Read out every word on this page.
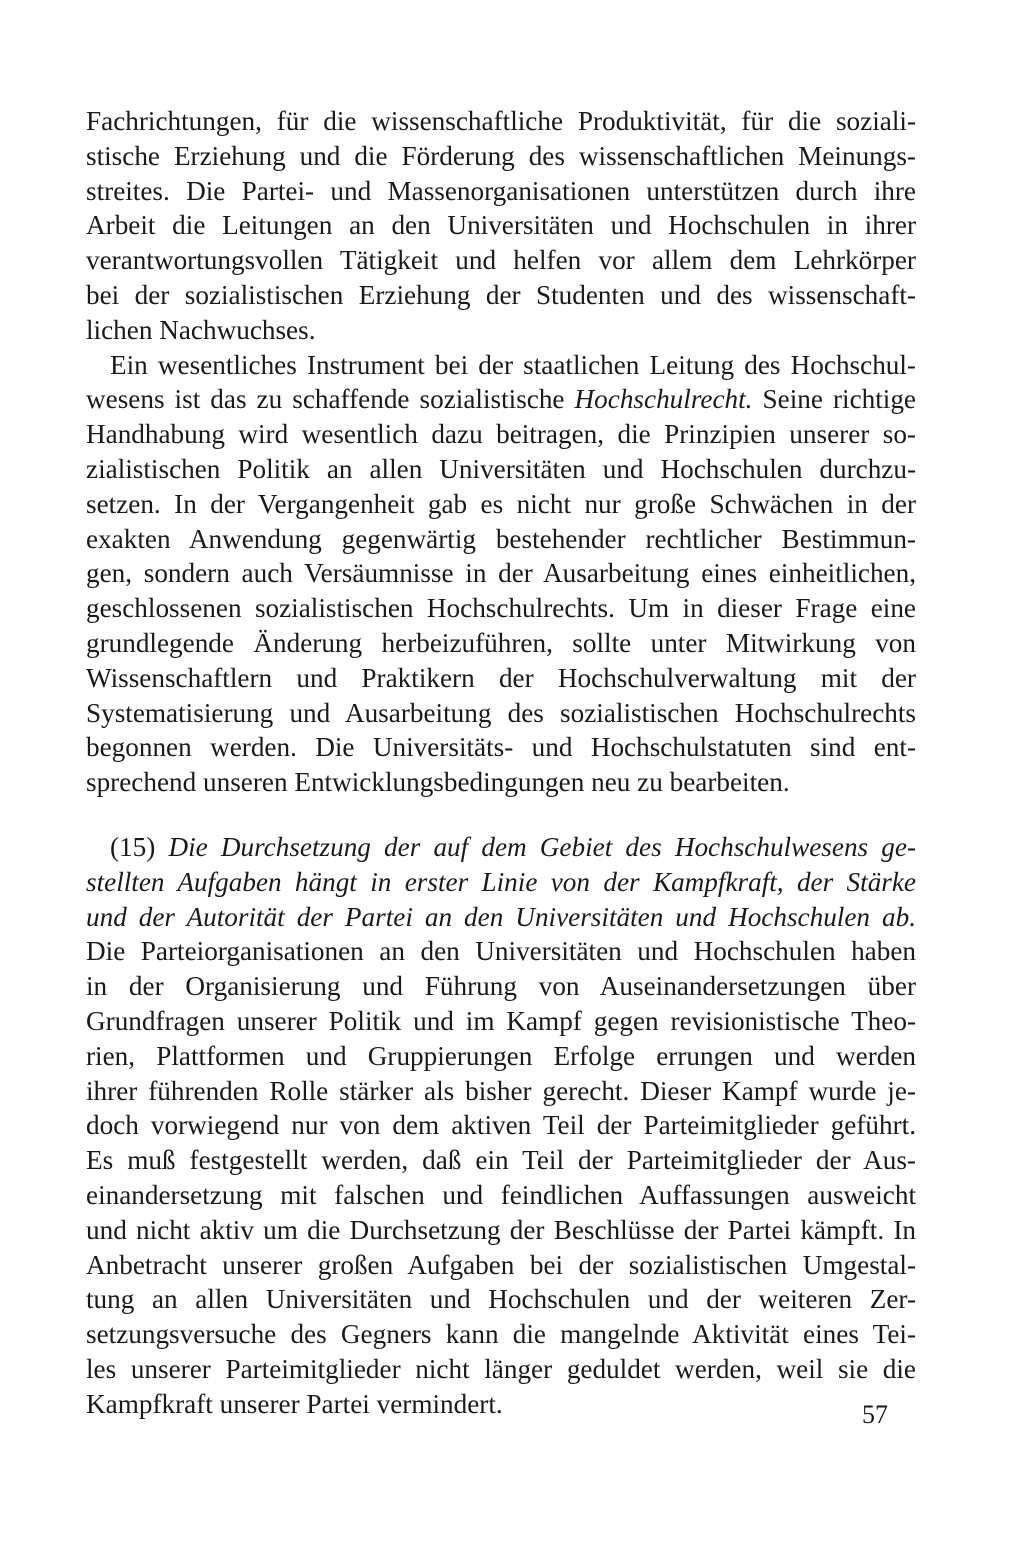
Fachrichtungen, für die wissenschaftliche Produktivität, für die soziali-
stische Erziehung und die Förderung des wissenschaftlichen Meinungs-
streites. Die Partei- und Massenorganisationen unterstützen durch ihre
Arbeit die Leitungen an den Universitäten und Hochschulen in ihrer
verantwortungsvollen Tätigkeit und helfen vor allem dem Lehrkörper
bei der sozialistischen Erziehung der Studenten und des wissenschaft-
lichen Nachwuchses.
Ein wesentliches Instrument bei der staatlichen Leitung des Hochschul-
wesens ist das zu schaffende sozialistische Hochschulrecht. Seine richtige
Handhabung wird wesentlich dazu beitragen, die Prinzipien unserer so-
zialistischen Politik an allen Universitäten und Hochschulen durchzu-
setzen. In der Vergangenheit gab es nicht nur große Schwächen in der
exakten Anwendung gegenwärtig bestehender rechtlicher Bestimmun-
gen, sondern auch Versäumnisse in der Ausarbeitung eines einheitlichen,
geschlossenen sozialistischen Hochschulrechts. Um in dieser Frage eine
grundlegende Änderung herbeizuführen, sollte unter Mitwirkung von
Wissenschaftlern und Praktikern der Hochschulverwaltung mit der
Systematisierung und Ausarbeitung des sozialistischen Hochschulrechts
begonnen werden. Die Universitäts- und Hochschulstatuten sind ent-
sprechend unseren Entwicklungsbedingungen neu zu bearbeiten.
(15) Die Durchsetzung der auf dem Gebiet des Hochschulwesens ge-
stellten Aufgaben hängt in erster Linie von der Kampfkraft, der Stärke
und der Autorität der Partei an den Universitäten und Hochschulen ab.
Die Parteiorganisationen an den Universitäten und Hochschulen haben
in der Organisierung und Führung von Auseinandersetzungen über
Grundfragen unserer Politik und im Kampf gegen revisionistische Theo-
rien, Plattformen und Gruppierungen Erfolge errungen und werden
ihrer führenden Rolle stärker als bisher gerecht. Dieser Kampf wurde je-
doch vorwiegend nur von dem aktiven Teil der Parteimitglieder geführt.
Es muß festgestellt werden, daß ein Teil der Parteimitglieder der Aus-
einandersetzung mit falschen und feindlichen Auffassungen ausweicht
und nicht aktiv um die Durchsetzung der Beschlüsse der Partei kämpft. In
Anbetracht unserer großen Aufgaben bei der sozialistischen Umgestal-
tung an allen Universitäten und Hochschulen und der weiteren Zer-
setzungsversuche des Gegners kann die mangelnde Aktivität eines Tei-
les unserer Parteimitglieder nicht länger geduldet werden, weil sie die
Kampfkraft unserer Partei vermindert.	57
